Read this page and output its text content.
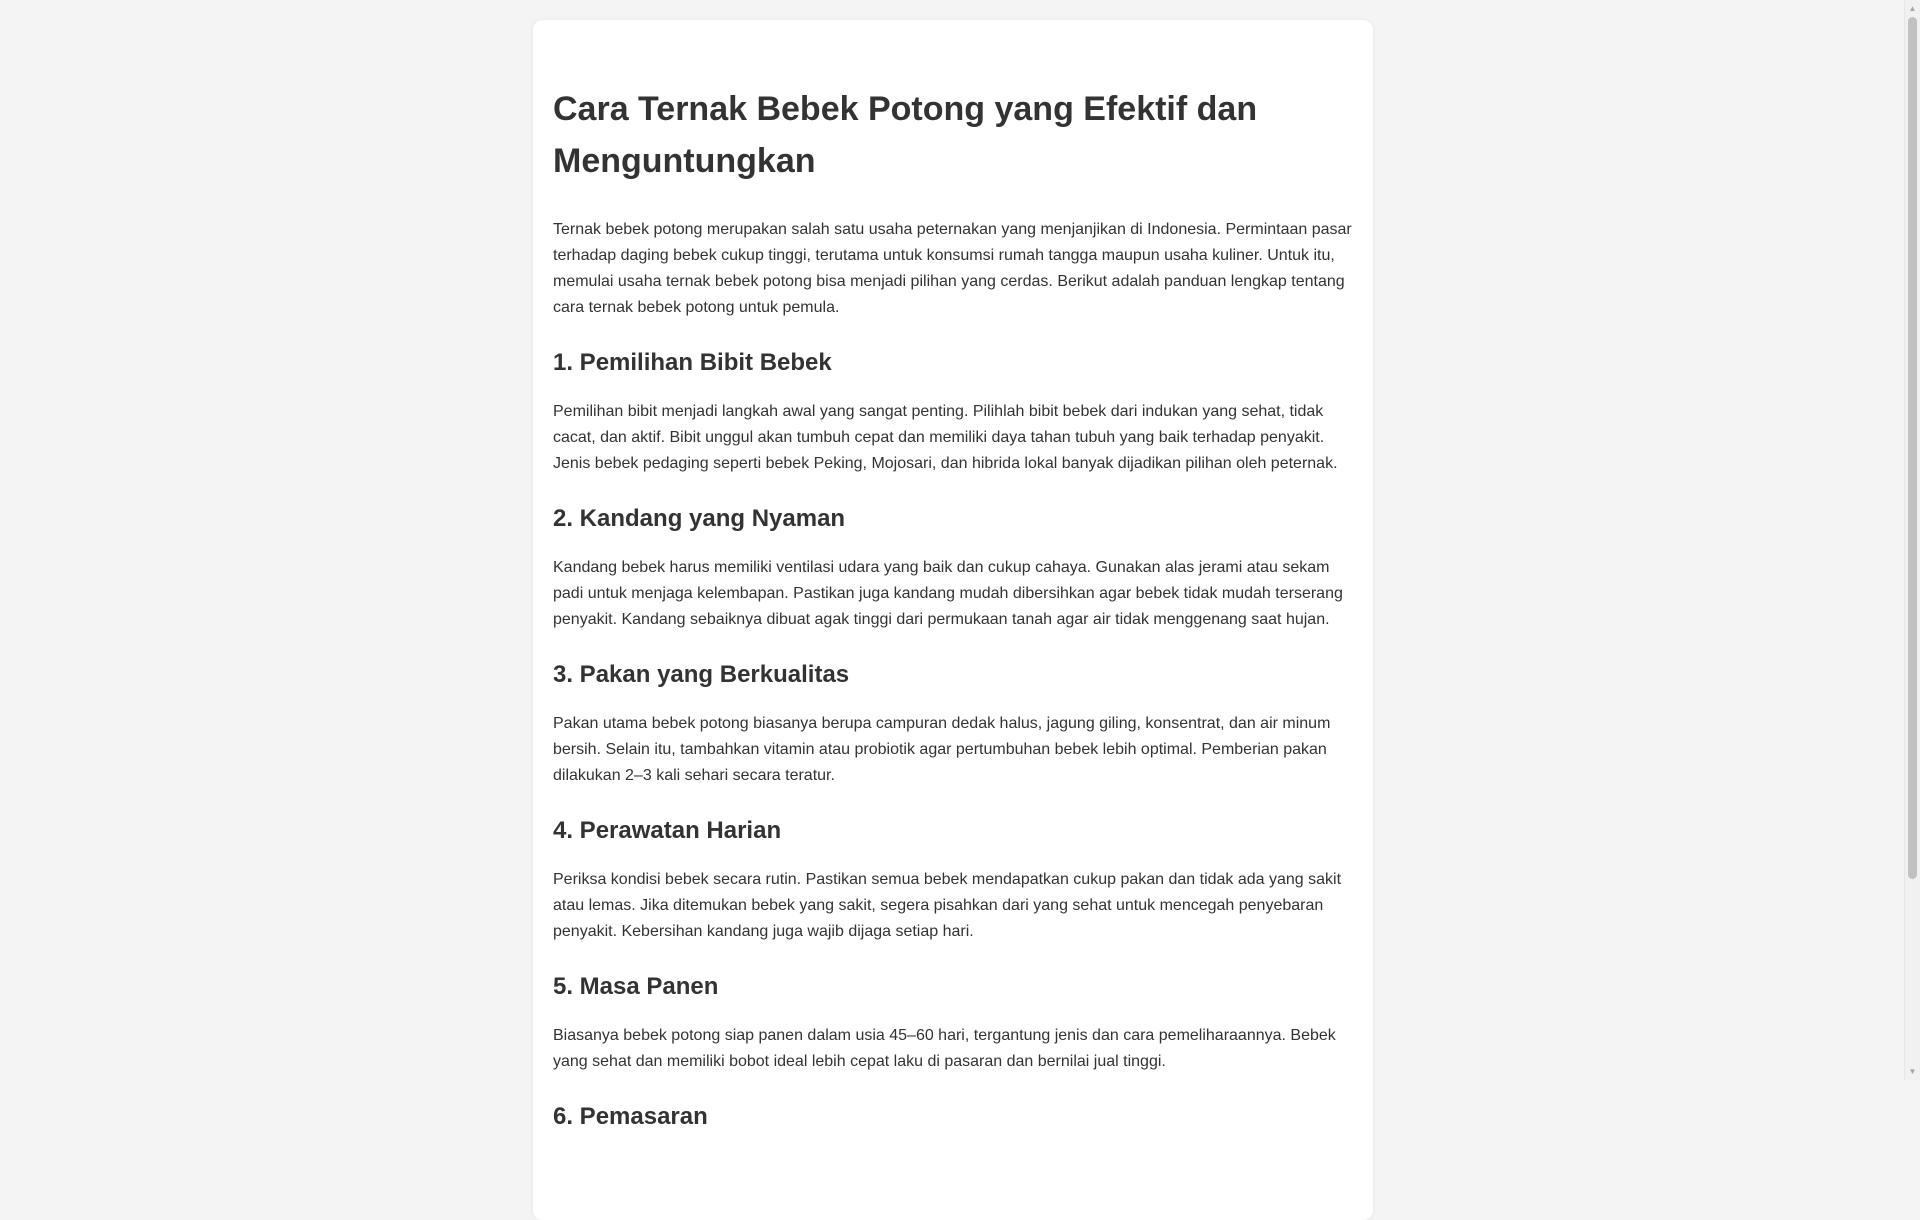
Cara Ternak Bebek Potong yang Efektif dan Menguntungkan

Ternak bebek potong merupakan salah satu usaha peternakan yang menjanjikan di Indonesia. Permintaan pasar terhadap daging bebek cukup tinggi, terutama untuk konsumsi rumah tangga maupun usaha kuliner. Untuk itu, memulai usaha ternak bebek potong bisa menjadi pilihan yang cerdas. Berikut adalah panduan lengkap tentang cara ternak bebek potong untuk pemula.

1. Pemilihan Bibit Bebek

Pemilihan bibit menjadi langkah awal yang sangat penting. Pilihlah bibit bebek dari indukan yang sehat, tidak cacat, dan aktif. Bibit unggul akan tumbuh cepat dan memiliki daya tahan tubuh yang baik terhadap penyakit. Jenis bebek pedaging seperti bebek Peking, Mojosari, dan hibrida lokal banyak dijadikan pilihan oleh peternak.

2. Kandang yang Nyaman

Kandang bebek harus memiliki ventilasi udara yang baik dan cukup cahaya. Gunakan alas jerami atau sekam padi untuk menjaga kelembapan. Pastikan juga kandang mudah dibersihkan agar bebek tidak mudah terserang penyakit. Kandang sebaiknya dibuat agak tinggi dari permukaan tanah agar air tidak menggenang saat hujan.

3. Pakan yang Berkualitas

Pakan utama bebek potong biasanya berupa campuran dedak halus, jagung giling, konsentrat, dan air minum bersih. Selain itu, tambahkan vitamin atau probiotik agar pertumbuhan bebek lebih optimal. Pemberian pakan dilakukan 2–3 kali sehari secara teratur.

4. Perawatan Harian

Periksa kondisi bebek secara rutin. Pastikan semua bebek mendapatkan cukup pakan dan tidak ada yang sakit atau lemas. Jika ditemukan bebek yang sakit, segera pisahkan dari yang sehat untuk mencegah penyebaran penyakit. Kebersihan kandang juga wajib dijaga setiap hari.

5. Masa Panen

Biasanya bebek potong siap panen dalam usia 45–60 hari, tergantung jenis dan cara pemeliharaannya. Bebek yang sehat dan memiliki bobot ideal lebih cepat laku di pasaran dan bernilai jual tinggi.

6. Pemasaran
▲
▼
